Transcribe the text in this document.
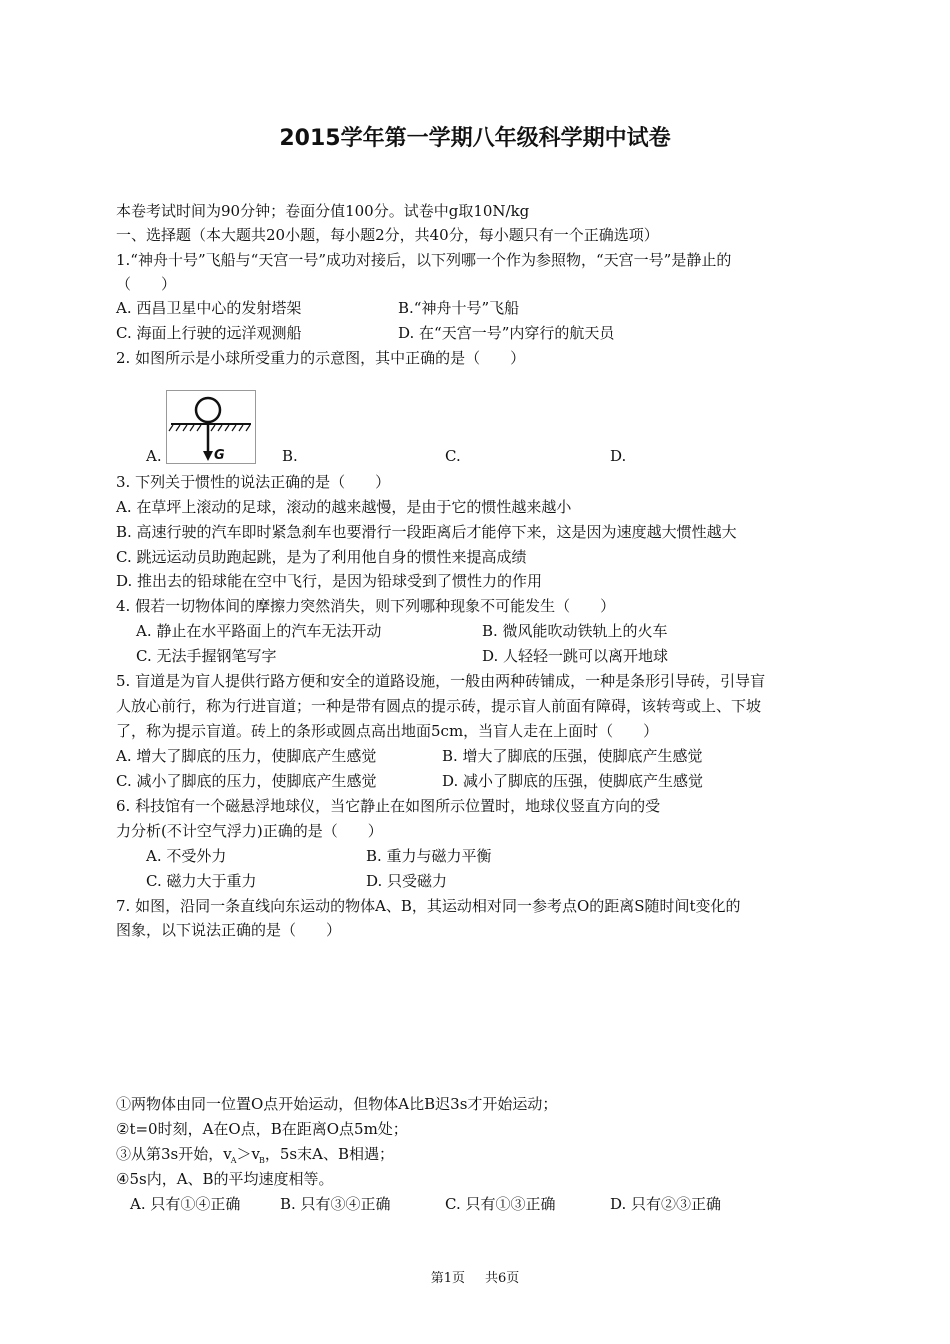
2015学年第一学期八年级科学期中试卷
本卷考试时间为90分钟；卷面分值100分。试卷中g取10N/kg
一、选择题（本大题共20小题，每小题2分，共40分，每小题只有一个正确选项）
1.“神舟十号”飞船与“天宫一号”成功对接后，以下列哪一个作为参照物，“天宫一号”是静止的
（　　）
A. 西昌卫星中心的发射塔架	B.“神舟十号”飞船
C. 海面上行驶的远洋观测船	D. 在“天宫一号”内穿行的航天员
2. 如图所示是小球所受重力的示意图，其中正确的是（　　）
G
A.	B.	C.	D.
3. 下列关于惯性的说法正确的是（　　）
A. 在草坪上滚动的足球，滚动的越来越慢，是由于它的惯性越来越小
B. 高速行驶的汽车即时紧急刹车也要滑行一段距离后才能停下来，这是因为速度越大惯性越大
C. 跳远运动员助跑起跳，是为了利用他自身的惯性来提高成绩
D. 推出去的铅球能在空中飞行，是因为铅球受到了惯性力的作用
4. 假若一切物体间的摩擦力突然消失，则下列哪种现象不可能发生（　　）
A. 静止在水平路面上的汽车无法开动	B. 微风能吹动铁轨上的火车
C. 无法手握钢笔写字	D. 人轻轻一跳可以离开地球
5. 盲道是为盲人提供行路方便和安全的道路设施，一般由两种砖铺成，一种是条形引导砖，引导盲
人放心前行，称为行进盲道；一种是带有圆点的提示砖，提示盲人前面有障碍，该转弯或上、下坡
了，称为提示盲道。砖上的条形或圆点高出地面5cm，当盲人走在上面时（　　）
A. 增大了脚底的压力，使脚底产生感觉	B. 增大了脚底的压强，使脚底产生感觉
C. 减小了脚底的压力，使脚底产生感觉	D. 减小了脚底的压强，使脚底产生感觉
6. 科技馆有一个磁悬浮地球仪，当它静止在如图所示位置时，地球仪竖直方向的受
力分析(不计空气浮力)正确的是（　　）
A. 不受外力	B. 重力与磁力平衡
C. 磁力大于重力	D. 只受磁力
7. 如图，沿同一条直线向东运动的物体A、B，其运动相对同一参考点O的距离S随时间t变化的
图象，以下说法正确的是（　　）
①两物体由同一位置O点开始运动，但物体A比B迟3s才开始运动；
②t=0时刻，A在O点，B在距离O点5m处；
③从第3s开始，$v_A>v_B$，5s末A、B相遇；
④5s内，A、B的平均速度相等。
A. 只有①④正确	B. 只有③④正确	C. 只有①③正确	D. 只有②③正确
第1页 共6页
